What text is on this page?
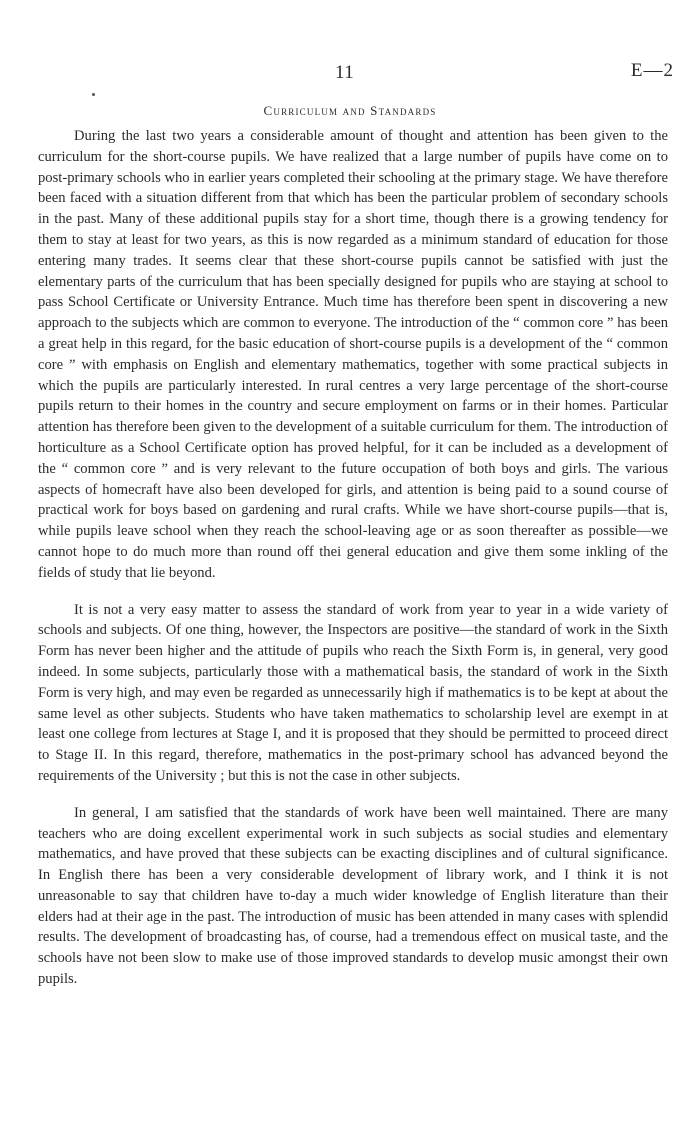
11	E—2
Curriculum and Standards

During the last two years a considerable amount of thought and attention has been given to the curriculum for the short-course pupils. We have realized that a large number of pupils have come on to post-primary schools who in earlier years completed their schooling at the primary stage. We have therefore been faced with a situation different from that which has been the particular problem of secondary schools in the past. Many of these additional pupils stay for a short time, though there is a growing tendency for them to stay at least for two years, as this is now regarded as a minimum standard of education for those entering many trades. It seems clear that these short-course pupils cannot be satisfied with just the elementary parts of the curriculum that has been specially designed for pupils who are staying at school to pass School Certificate or University Entrance. Much time has therefore been spent in discovering a new approach to the subjects which are common to everyone. The introduction of the “ common core ” has been a great help in this regard, for the basic education of short-course pupils is a development of the “ common core ” with emphasis on English and elementary mathematics, together with some practical subjects in which the pupils are particularly interested. In rural centres a very large percentage of the short-course pupils return to their homes in the country and secure employment on farms or in their homes. Particular attention has therefore been given to the development of a suitable curriculum for them. The introduction of horticulture as a School Certificate option has proved helpful, for it can be included as a development of the “ common core ” and is very relevant to the future occupation of both boys and girls. The various aspects of homecraft have also been developed for girls, and attention is being paid to a sound course of practical work for boys based on gardening and rural crafts. While we have short-course pupils—that is, while pupils leave school when they reach the school-leaving age or as soon thereafter as possible—we cannot hope to do much more than round off thei general education and give them some inkling of the fields of study that lie beyond.

It is not a very easy matter to assess the standard of work from year to year in a wide variety of schools and subjects. Of one thing, however, the Inspectors are positive—the standard of work in the Sixth Form has never been higher and the attitude of pupils who reach the Sixth Form is, in general, very good indeed. In some subjects, particularly those with a mathematical basis, the standard of work in the Sixth Form is very high, and may even be regarded as unnecessarily high if mathematics is to be kept at about the same level as other subjects. Students who have taken mathematics to scholarship level are exempt in at least one college from lectures at Stage I, and it is proposed that they should be permitted to proceed direct to Stage II. In this regard, therefore, mathematics in the post-primary school has advanced beyond the requirements of the University ; but this is not the case in other subjects.

In general, I am satisfied that the standards of work have been well maintained. There are many teachers who are doing excellent experimental work in such subjects as social studies and elementary mathematics, and have proved that these subjects can be exacting disciplines and of cultural significance. In English there has been a very considerable development of library work, and I think it is not unreasonable to say that children have to-day a much wider knowledge of English literature than their elders had at their age in the past. The introduction of music has been attended in many cases with splendid results. The development of broadcasting has, of course, had a tremendous effect on musical taste, and the schools have not been slow to make use of those improved standards to develop music amongst their own pupils.
